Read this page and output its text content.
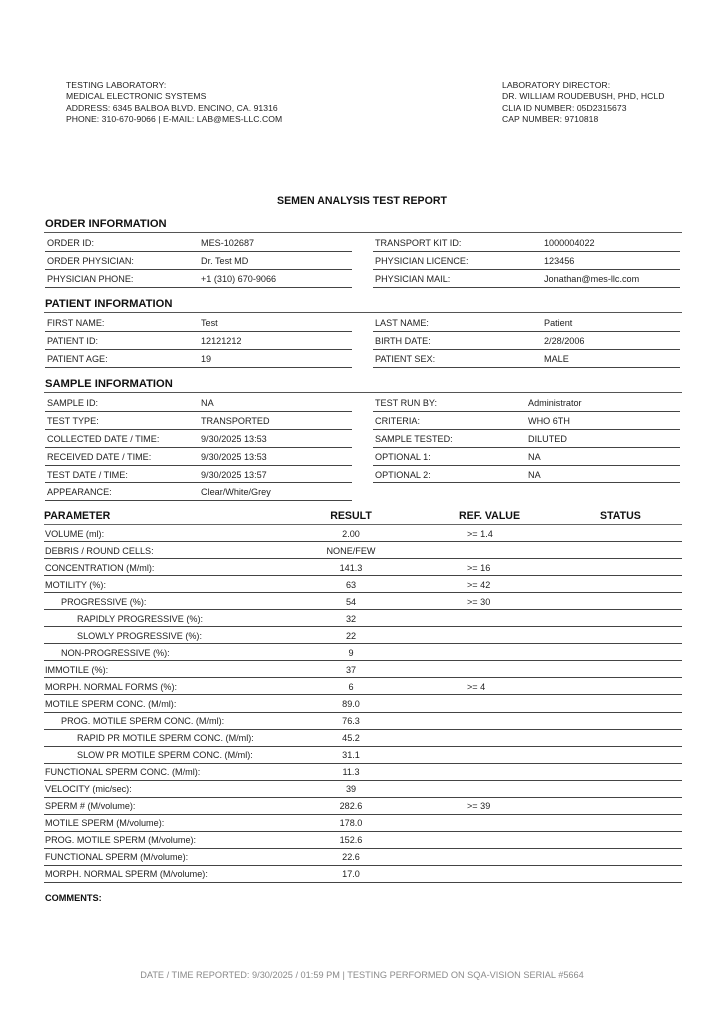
TESTING LABORATORY:
MEDICAL ELECTRONIC SYSTEMS
ADDRESS: 6345 BALBOA BLVD. ENCINO, CA. 91316
PHONE: 310-670-9066 | E-MAIL: LAB@MES-LLC.COM
LABORATORY DIRECTOR:
DR. WILLIAM ROUDEBUSH, PHD, HCLD
CLIA ID NUMBER: 05D2315673
CAP NUMBER: 9710818
SEMEN ANALYSIS TEST REPORT
ORDER INFORMATION
ORDER ID:	MES-102687
ORDER PHYSICIAN:	Dr. Test MD
PHYSICIAN PHONE:	+1 (310) 670-9066
TRANSPORT KIT ID:	1000004022
PHYSICIAN LICENCE:	123456
PHYSICIAN MAIL:	Jonathan@mes-llc.com
PATIENT INFORMATION
FIRST NAME:	Test
PATIENT ID:	12121212
PATIENT AGE:	19
LAST NAME:	Patient
BIRTH DATE:	2/28/2006
PATIENT SEX:	MALE
SAMPLE INFORMATION
SAMPLE ID:	NA
TEST TYPE:	TRANSPORTED
COLLECTED DATE / TIME:	9/30/2025 13:53
RECEIVED DATE / TIME:	9/30/2025 13:53
TEST DATE / TIME:	9/30/2025 13:57
APPEARANCE:	Clear/White/Grey
TEST RUN BY:	Administrator
CRITERIA:	WHO 6TH
SAMPLE TESTED:	DILUTED
OPTIONAL 1:	NA
OPTIONAL 2:	NA
PARAMETER	RESULT	REF. VALUE	STATUS
VOLUME (ml):	2.00	>= 1.4
DEBRIS / ROUND CELLS:	NONE/FEW
CONCENTRATION (M/ml):	141.3	>= 16
MOTILITY (%):	63	>= 42
PROGRESSIVE (%):	54	>= 30
RAPIDLY PROGRESSIVE (%):	32
SLOWLY PROGRESSIVE (%):	22
NON-PROGRESSIVE (%):	9
IMMOTILE (%):	37
MORPH. NORMAL FORMS (%):	6	>= 4
MOTILE SPERM CONC. (M/ml):	89.0
PROG. MOTILE SPERM CONC. (M/ml):	76.3
RAPID PR MOTILE SPERM CONC. (M/ml):	45.2
SLOW PR MOTILE SPERM CONC. (M/ml):	31.1
FUNCTIONAL SPERM CONC. (M/ml):	11.3
VELOCITY (mic/sec):	39
SPERM # (M/volume):	282.6	>= 39
MOTILE SPERM (M/volume):	178.0
PROG. MOTILE SPERM (M/volume):	152.6
FUNCTIONAL SPERM (M/volume):	22.6
MORPH. NORMAL SPERM (M/volume):	17.0
COMMENTS:
DATE / TIME REPORTED: 9/30/2025 / 01:59 PM | TESTING PERFORMED ON SQA-VISION SERIAL #5664
